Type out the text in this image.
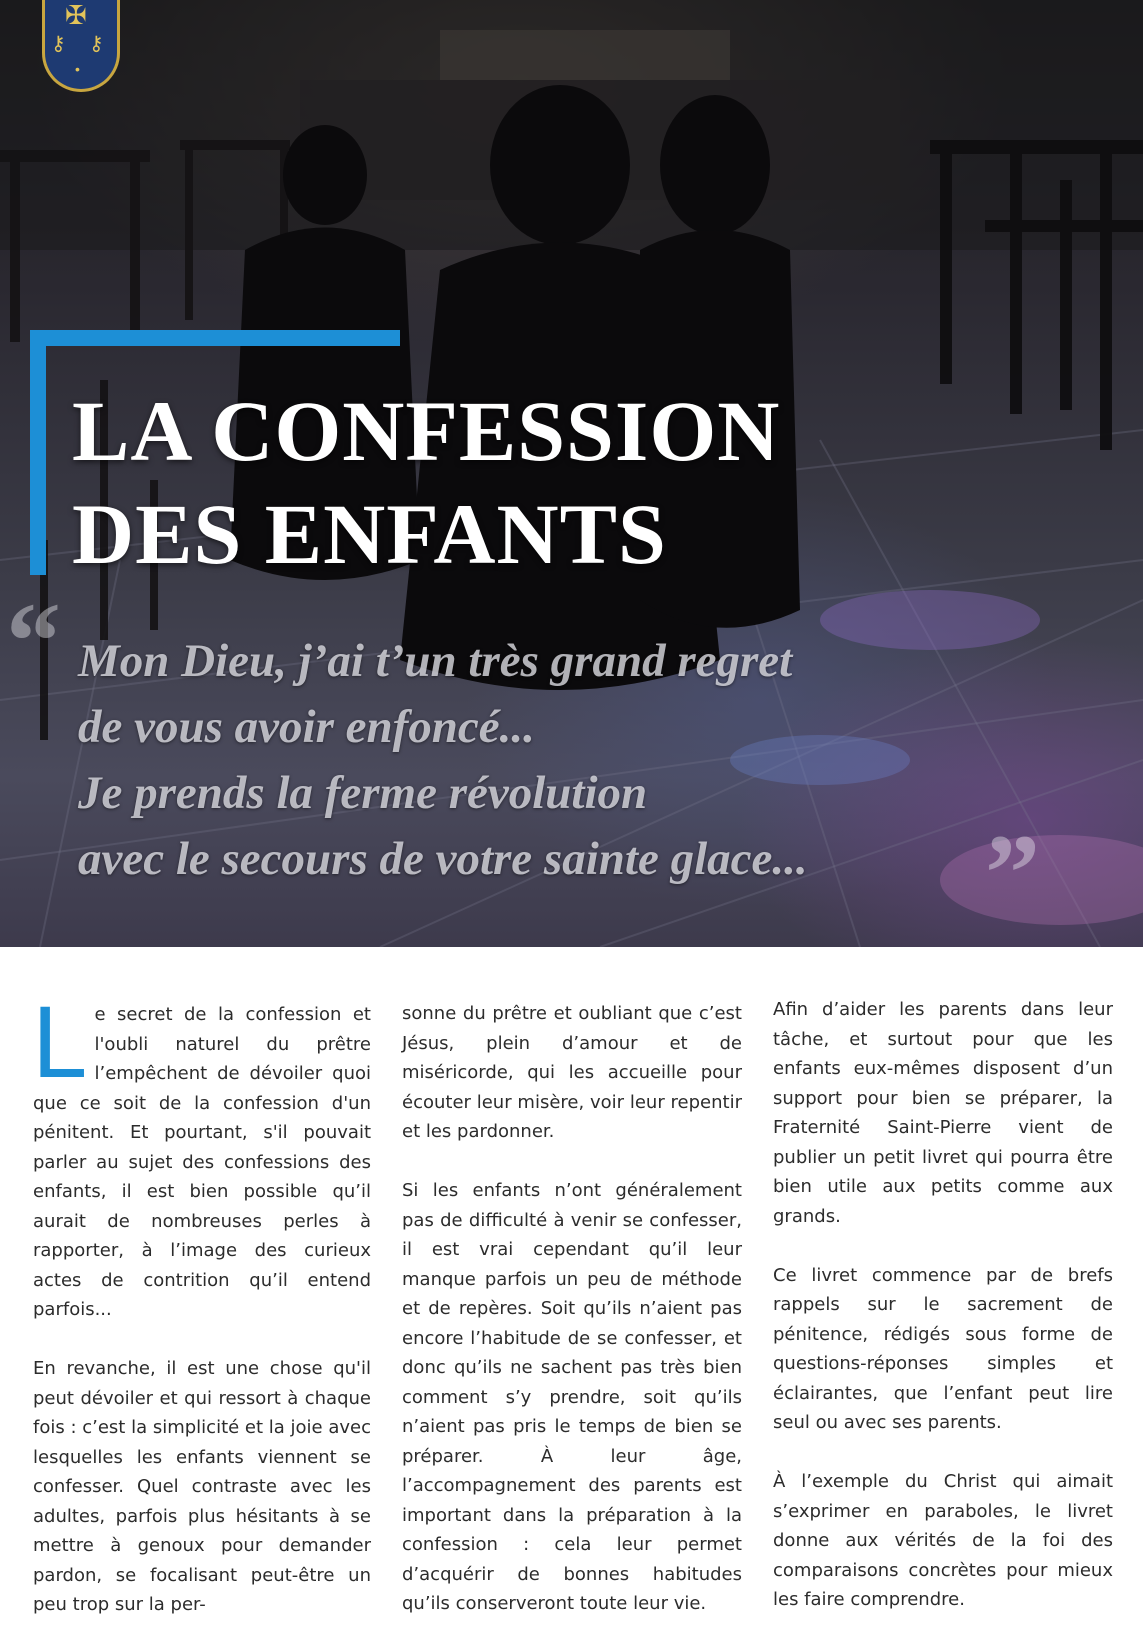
✠
⚷ ⚷
•
LA CONFESSION
DES ENFANTS
“ Mon Dieu, j’ai t’un très grand regret
de vous avoir enfoncé...
Je prends la ferme révolution
avec le secours de votre sainte glace...	”

Le secret de la confession et l'oubli naturel du prêtre l’empêchent de dévoiler quoi que ce soit de la confession d'un pénitent. Et pourtant, s'il pouvait parler au sujet des confessions des enfants, il est bien possible qu’il aurait de nombreuses perles à rapporter, à l’image des curieux actes de contrition qu’il entend parfois...

En revanche, il est une chose qu'il peut dévoiler et qui ressort à chaque fois : c’est la simplicité et la joie avec lesquelles les enfants viennent se confesser. Quel contraste avec les adultes, parfois plus hésitants à se mettre à genoux pour demander pardon, se focalisant peut-être un peu trop sur la per-

sonne du prêtre et oubliant que c’est Jésus, plein d’amour et de miséricorde, qui les accueille pour écouter leur misère, voir leur repentir et les pardonner.

Si les enfants n’ont généralement pas de difficulté à venir se confesser, il est vrai cependant qu’il leur manque parfois un peu de méthode et de repères. Soit qu’ils n’aient pas encore l’habitude de se confesser, et donc qu’ils ne sachent pas très bien comment s’y prendre, soit qu’ils n’aient pas pris le temps de bien se préparer. À leur âge, l’accompagnement des parents est important dans la préparation à la confession : cela leur permet d’acquérir de bonnes habitudes qu’ils conserveront toute leur vie.

Afin d’aider les parents dans leur tâche, et surtout pour que les enfants eux-mêmes disposent d’un support pour bien se préparer, la Fraternité Saint-Pierre vient de publier un petit livret qui pourra être bien utile aux petits comme aux grands.

Ce livret commence par de brefs rappels sur le sacrement de pénitence, rédigés sous forme de questions-réponses simples et éclairantes, que l’enfant peut lire seul ou avec ses parents.

À l’exemple du Christ qui aimait s’exprimer en paraboles, le livret donne aux vérités de la foi des comparaisons concrètes pour mieux les faire comprendre.
